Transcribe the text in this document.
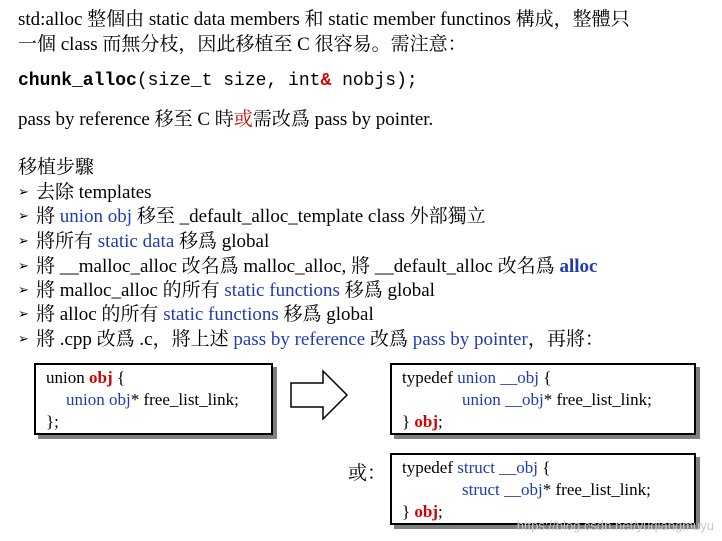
std:alloc 整個由 static data members 和 static member functinos 構成，整體只
一個 class 而無分枝，因此移植至 C 很容易。需注意：
chunk_alloc(size_t size, int& nobjs);
pass by reference 移至 C 時或需改爲 pass by pointer.
移植步驟
➢ 去除 templates
➢ 將 union obj 移至 _default_alloc_template class 外部獨立
➢ 將所有 static data 移爲 global
➢ 將 __malloc_alloc 改名爲 malloc_alloc, 將 __default_alloc 改名爲 alloc
➢ 將 malloc_alloc 的所有 static functions 移爲 global
➢ 將 alloc 的所有 static functions 移爲 global
➢ 將 .cpp 改爲 .c，將上述 pass by reference 改爲 pass by pointer，再將：
union obj {
union obj* free_list_link;
};
typedef union __obj {
union __obj* free_list_link;
} obj;
或： typedef struct __obj {
struct __obj* free_list_link;
} obj;
https://blog.csdn.net/yuqiangmuyu
